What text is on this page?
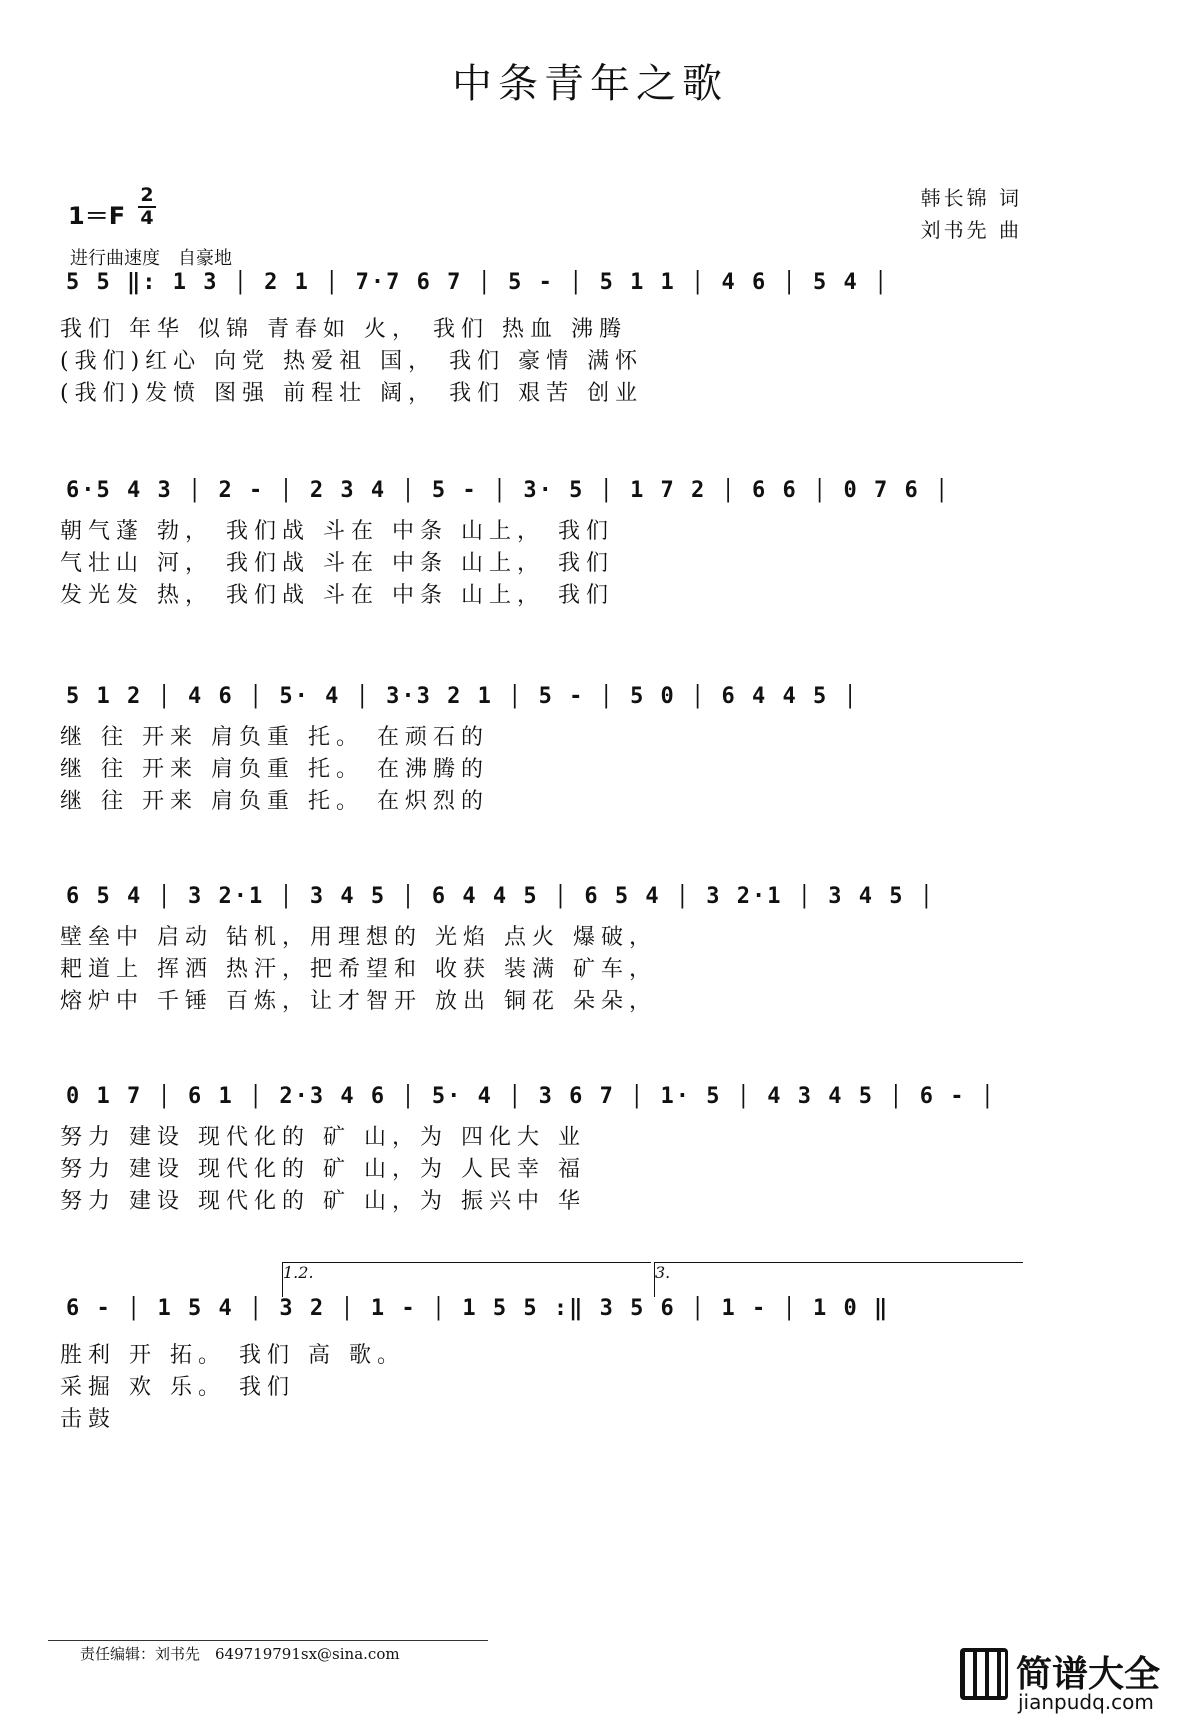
中条青年之歌
1＝F
2
4
进行曲速度　自豪地
韩长锦 词
刘书先 曲
5 5 ‖: 1 3 │ 2 1 │ 7·7 6 7 │ 5 - │ 5 1 1 │ 4 6 │ 5 4 │
我们 年华 似锦 青春如 火， 我们 热血 沸腾
(我们)红心 向党 热爱祖 国， 我们 豪情 满怀
(我们)发愤 图强 前程壮 阔， 我们 艰苦 创业
6·5 4 3 │ 2 - │ 2 3 4 │ 5 - │ 3· 5 │ 1 7 2 │ 6 6 │ 0 7 6 │
朝气蓬 勃， 我们战 斗在 中条 山上， 我们
气壮山 河， 我们战 斗在 中条 山上， 我们
发光发 热， 我们战 斗在 中条 山上， 我们
5 1 2 │ 4 6 │ 5· 4 │ 3·3 2 1 │ 5 - │ 5 0 │ 6 4 4 5 │
继 往 开来 肩负重 托。 在顽石的
继 往 开来 肩负重 托。 在沸腾的
继 往 开来 肩负重 托。 在炽烈的
6 5 4 │ 3 2·1 │ 3 4 5 │ 6 4 4 5 │ 6 5 4 │ 3 2·1 │ 3 4 5 │
壁垒中 启动 钻机，用理想的 光焰 点火 爆破，
耙道上 挥洒 热汗，把希望和 收获 装满 矿车，
熔炉中 千锤 百炼，让才智开 放出 铜花 朵朵，
0 1 7 │ 6 1 │ 2·3 4 6 │ 5· 4 │ 3 6 7 │ 1· 5 │ 4 3 4 5 │ 6 - │
努力 建设 现代化的 矿 山，为 四化大 业
努力 建设 现代化的 矿 山，为 人民幸 福
努力 建设 现代化的 矿 山，为 振兴中 华
1.2.	3.
6 - │ 1 5 4 │ 3 2 │ 1 - │ 1 5 5 :‖ 3 5 6 │ 1 - │ 1 0 ‖
胜利 开 拓。 我们 高 歌。
采掘 欢 乐。 我们
击鼓
责任编辑：刘书先　649719791sx@sina.com	简谱大全
jianpudq.com
